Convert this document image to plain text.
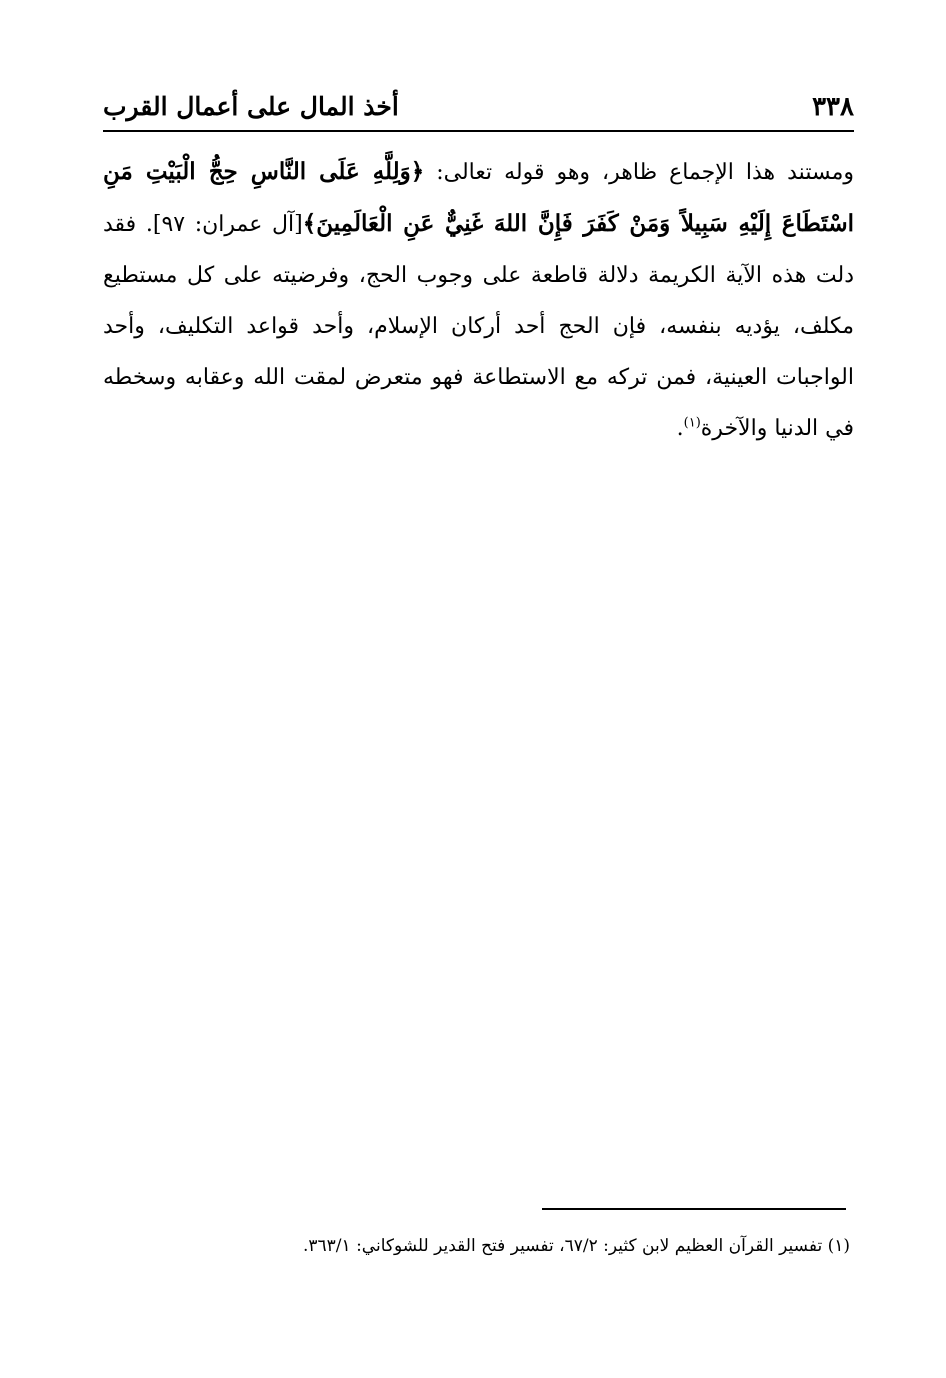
٣٣٨
أخذ المال على أعمال القرب

ومستند هذا الإجماع ظاهر، وهو قوله تعالى: ﴿وَلِلَّهِ عَلَى النَّاسِ حِجُّ الْبَيْتِ مَنِ اسْتَطَاعَ إِلَيْهِ سَبِيلاً وَمَنْ كَفَرَ فَإِنَّ اللهَ غَنِيٌّ عَنِ الْعَالَمِينَ﴾[آل عمران: ٩٧]. فقد دلت هذه الآية الكريمة دلالة قاطعة على وجوب الحج، وفرضيته على كل مستطيع مكلف، يؤديه بنفسه، فإن الحج أحد أركان الإسلام، وأحد قواعد التكليف، وأحد الواجبات العينية، فمن تركه مع الاستطاعة فهو متعرض لمقت الله وعقابه وسخطه في الدنيا والآخرة$^{(١)}$.

(١) تفسير القرآن العظيم لابن كثير: ٦٧/٢، تفسير فتح القدير للشوكاني: ٣٦٣/١.
